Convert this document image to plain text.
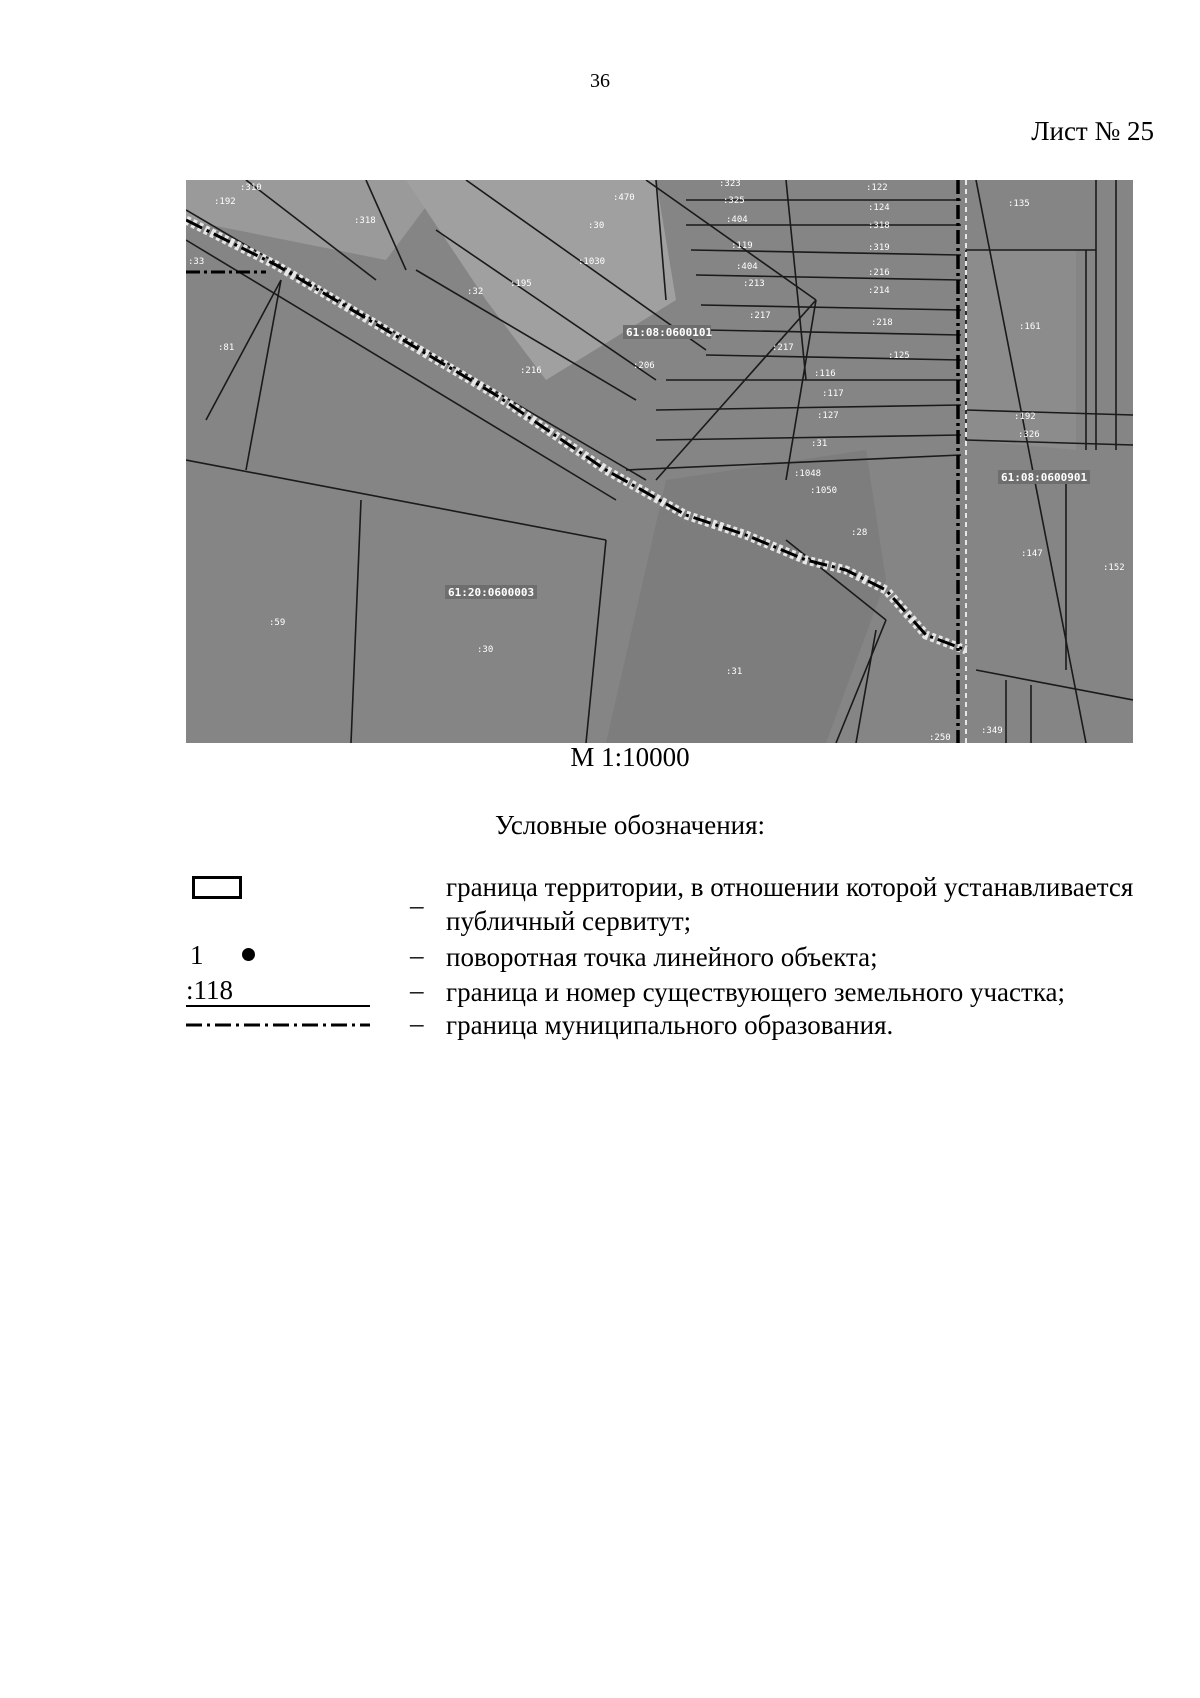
36
Лист № 25
61:08:0600101
61:08:0600901
61:20:0600003
:310
:192
:318
:33
:81
:32
:195
:216	:206
:1030
:470
:30
:323
:325
:404
:119
:404
:213
:217
:217
:122
:124
:318
:319
:216
:214
:218
:125
:116
:117
:127
:31
:1048
:1050
:28
:192
:326
:161
:147
:152
:135
:59
:30
:31
:250
:349
М 1:10000
Условные обозначения:
–
граница территории, в отношении которой устанавливается публичный сервитут;
1	– поворотная точка линейного объекта;
:118	– граница и номер существующего земельного участка;
– граница муниципального образования.
